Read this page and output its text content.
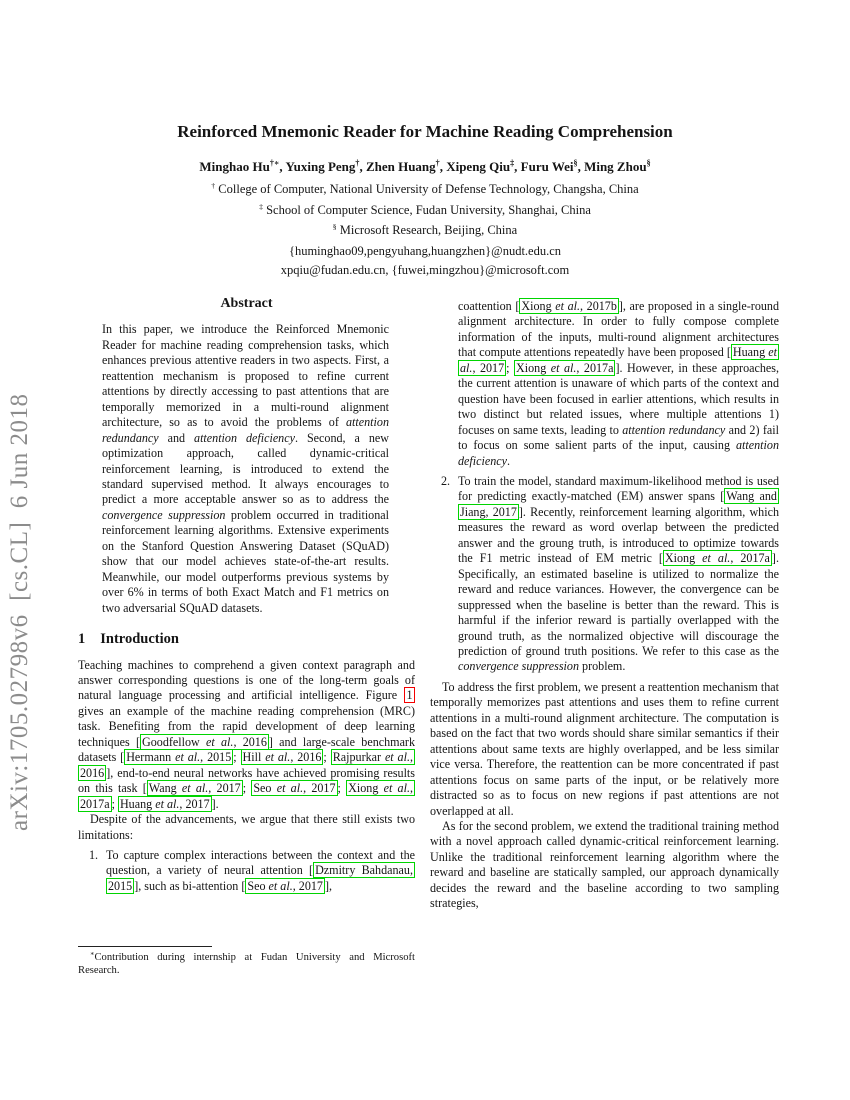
arXiv:1705.02798v6  [cs.CL]  6 Jun 2018
Reinforced Mnemonic Reader for Machine Reading Comprehension
Minghao Hu†∗, Yuxing Peng†, Zhen Huang†, Xipeng Qiu‡, Furu Wei§, Ming Zhou§
† College of Computer, National University of Defense Technology, Changsha, China
‡ School of Computer Science, Fudan University, Shanghai, China
§ Microsoft Research, Beijing, China
{huminghao09,pengyuhang,huangzhen}@nudt.edu.cn
xpqiu@fudan.edu.cn, {fuwei,mingzhou}@microsoft.com
Abstract
In this paper, we introduce the Reinforced Mnemonic Reader for machine reading comprehension tasks, which enhances previous attentive readers in two aspects. First, a reattention mechanism is proposed to refine current attentions by directly accessing to past attentions that are temporally memorized in a multi-round alignment architecture, so as to avoid the problems of attention redundancy and attention deficiency. Second, a new optimization approach, called dynamic-critical reinforcement learning, is introduced to extend the standard supervised method. It always encourages to predict a more acceptable answer so as to address the convergence suppression problem occurred in traditional reinforcement learning algorithms. Extensive experiments on the Stanford Question Answering Dataset (SQuAD) show that our model achieves state-of-the-art results. Meanwhile, our model outperforms previous systems by over 6% in terms of both Exact Match and F1 metrics on two adversarial SQuAD datasets.
1 Introduction

Teaching machines to comprehend a given context paragraph and answer corresponding questions is one of the long-term goals of natural language processing and artificial intelligence. Figure 1 gives an example of the machine reading comprehension (MRC) task. Benefiting from the rapid development of deep learning techniques [ Goodfellow et al., 2016 ] and large-scale benchmark datasets [ Hermann et al., 2015 ; Hill et al., 2016 ; Rajpurkar et al., 2016 ], end-to-end neural networks have achieved promising results on this task [ Wang et al., 2017 ; Seo et al., 2017 ; Xiong et al., 2017a ; Huang et al., 2017 ].

Despite of the advancements, we argue that there still exists two limitations:

1. To capture complex interactions between the context and the question, a variety of neural attention [ Dzmitry Bahdanau, 2015 ], such as bi-attention [ Seo et al., 2017 ],
coattention [ Xiong et al., 2017b ], are proposed in a single-round alignment architecture. In order to fully compose complete information of the inputs, multi-round alignment architectures that compute attentions repeatedly have been proposed [ Huang et al., 2017 ; Xiong et al., 2017a ]. However, in these approaches, the current attention is unaware of which parts of the context and question have been focused in earlier attentions, which results in two distinct but related issues, where multiple attentions 1) focuses on same texts, leading to attention redundancy and 2) fail to focus on some salient parts of the input, causing attention deficiency.
2. To train the model, standard maximum-likelihood method is used for predicting exactly-matched (EM) answer spans [ Wang and Jiang, 2017 ]. Recently, reinforcement learning algorithm, which measures the reward as word overlap between the predicted answer and the groung truth, is introduced to optimize towards the F1 metric instead of EM metric [ Xiong et al., 2017a ]. Specifically, an estimated baseline is utilized to normalize the reward and reduce variances. However, the convergence can be suppressed when the baseline is better than the reward. This is harmful if the inferior reward is partially overlapped with the ground truth, as the normalized objective will discourage the prediction of ground truth positions. We refer to this case as the convergence suppression problem.

To address the first problem, we present a reattention mechanism that temporally memorizes past attentions and uses them to refine current attentions in a multi-round alignment architecture. The computation is based on the fact that two words should share similar semantics if their attentions about same texts are highly overlapped, and be less similar vice versa. Therefore, the reattention can be more concentrated if past attentions focus on same parts of the input, or be relatively more distracted so as to focus on new regions if past attentions are not overlapped at all.

As for the second problem, we extend the traditional training method with a novel approach called dynamic-critical reinforcement learning. Unlike the traditional reinforcement learning algorithm where the reward and baseline are statically sampled, our approach dynamically decides the reward and the baseline according to two sampling strategies,

∗Contribution during internship at Fudan University and Microsoft Research.
